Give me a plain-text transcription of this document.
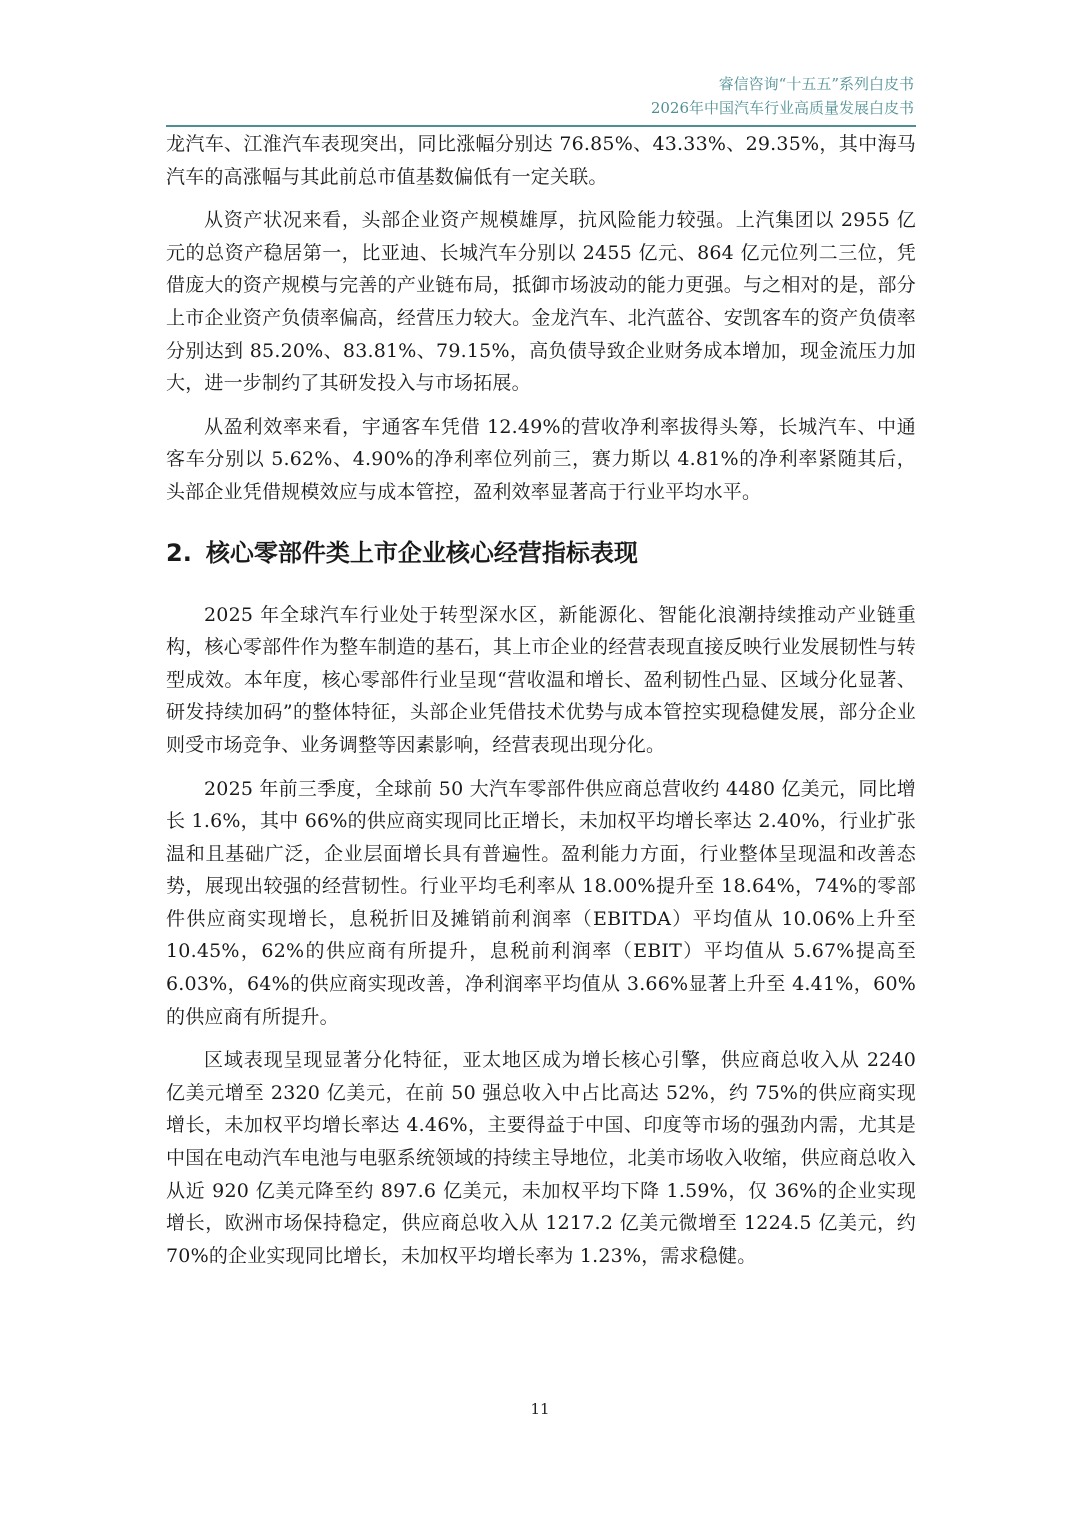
睿信咨询“十五五”系列白皮书
2026年中国汽车行业高质量发展白皮书

龙汽车、江淮汽车表现突出，同比涨幅分别达 76.85%、43.33%、29.35%，其中海马汽车的高涨幅与其此前总市值基数偏低有一定关联。

从资产状况来看，头部企业资产规模雄厚，抗风险能力较强。上汽集团以 2955 亿元的总资产稳居第一，比亚迪、长城汽车分别以 2455 亿元、864 亿元位列二三位，凭借庞大的资产规模与完善的产业链布局，抵御市场波动的能力更强。与之相对的是，部分上市企业资产负债率偏高，经营压力较大。金龙汽车、北汽蓝谷、安凯客车的资产负债率分别达到 85.20%、83.81%、79.15%，高负债导致企业财务成本增加，现金流压力加大，进一步制约了其研发投入与市场拓展。

从盈利效率来看，宇通客车凭借 12.49%的营收净利率拔得头筹，长城汽车、中通客车分别以 5.62%、4.90%的净利率位列前三，赛力斯以 4.81%的净利率紧随其后，头部企业凭借规模效应与成本管控，盈利效率显著高于行业平均水平。

2. 核心零部件类上市企业核心经营指标表现

2025 年全球汽车行业处于转型深水区，新能源化、智能化浪潮持续推动产业链重构，核心零部件作为整车制造的基石，其上市企业的经营表现直接反映行业发展韧性与转型成效。本年度，核心零部件行业呈现“营收温和增长、盈利韧性凸显、区域分化显著、研发持续加码”的整体特征，头部企业凭借技术优势与成本管控实现稳健发展，部分企业则受市场竞争、业务调整等因素影响，经营表现出现分化。

2025 年前三季度，全球前 50 大汽车零部件供应商总营收约 4480 亿美元，同比增长 1.6%，其中 66%的供应商实现同比正增长，未加权平均增长率达 2.40%，行业扩张温和且基础广泛，企业层面增长具有普遍性。盈利能力方面，行业整体呈现温和改善态势，展现出较强的经营韧性。行业平均毛利率从 18.00%提升至 18.64%，74%的零部件供应商实现增长，息税折旧及摊销前利润率（EBITDA）平均值从 10.06%上升至 10.45%，62%的供应商有所提升，息税前利润率（EBIT）平均值从 5.67%提高至 6.03%，64%的供应商实现改善，净利润率平均值从 3.66%显著上升至 4.41%，60%的供应商有所提升。

区域表现呈现显著分化特征，亚太地区成为增长核心引擎，供应商总收入从 2240 亿美元增至 2320 亿美元，在前 50 强总收入中占比高达 52%，约 75%的供应商实现增长，未加权平均增长率达 4.46%，主要得益于中国、印度等市场的强劲内需，尤其是中国在电动汽车电池与电驱系统领域的持续主导地位，北美市场收入收缩，供应商总收入从近 920 亿美元降至约 897.6 亿美元，未加权平均下降 1.59%，仅 36%的企业实现增长，欧洲市场保持稳定，供应商总收入从 1217.2 亿美元微增至 1224.5 亿美元，约 70%的企业实现同比增长，未加权平均增长率为 1.23%，需求稳健。

11
